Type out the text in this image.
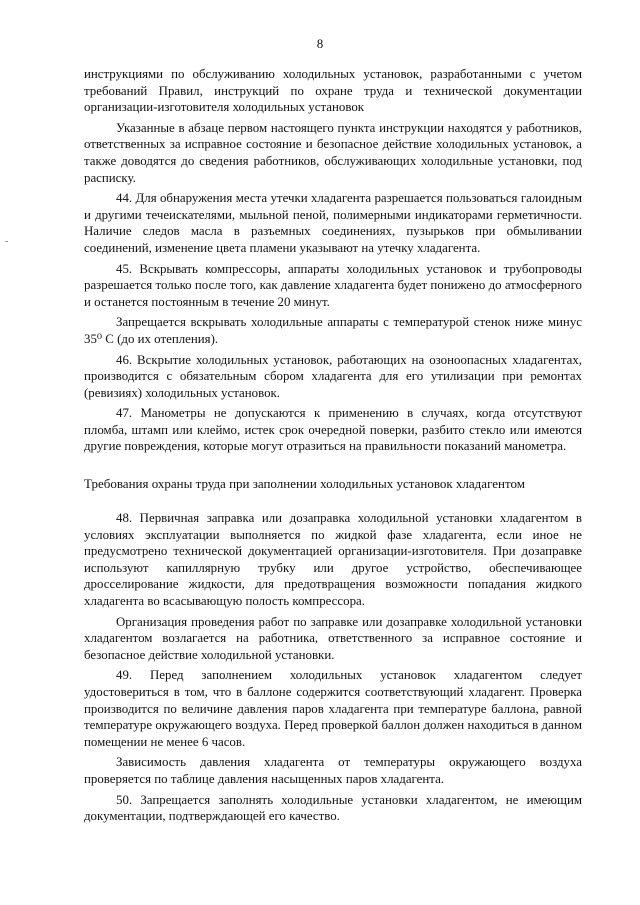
8
-

инструкциями по обслуживанию холодильных установок, разработанными с учетом требований Правил, инструкций по охране труда и технической документации организации-изготовителя холодильных установок

Указанные в абзаце первом настоящего пункта инструкции находятся у работников, ответственных за исправное состояние и безопасное действие холодильных установок, а также доводятся до сведения работников, обслуживающих холодильные установки, под расписку.

44. Для обнаружения места утечки хладагента разрешается пользоваться галоидным и другими течеискателями, мыльной пеной, полимерными индикаторами герметичности. Наличие следов масла в разъемных соединениях, пузырьков при обмыливании соединений, изменение цвета пламени указывают на утечку хладагента.

45. Вскрывать компрессоры, аппараты холодильных установок и трубопроводы разрешается только после того, как давление хладагента будет понижено до атмосферного и останется постоянным в течение 20 минут.

Запрещается вскрывать холодильные аппараты с температурой стенок ниже минус 35⁰ С (до их отепления).

46. Вскрытие холодильных установок, работающих на озоноопасных хладагентах, производится с обязательным сбором хладагента для его утилизации при ремонтах (ревизиях) холодильных установок.

47. Манометры не допускаются к применению в случаях, когда отсутствуют пломба, штамп или клеймо, истек срок очередной поверки, разбито стекло или имеются другие повреждения, которые могут отразиться на правильности показаний манометра.

Требования охраны труда при заполнении холодильных установок хладагентом

48. Первичная заправка или дозаправка холодильной установки хладагентом в условиях эксплуатации выполняется по жидкой фазе хладагента, если иное не предусмотрено технической документацией организации-изготовителя. При дозаправке используют капиллярную трубку или другое устройство, обеспечивающее дросселирование жидкости, для предотвращения возможности попадания жидкого хладагента во всасывающую полость компрессора.

Организация проведения работ по заправке или дозаправке холодильной установки хладагентом возлагается на работника, ответственного за исправное состояние и безопасное действие холодильной установки.

49. Перед заполнением холодильных установок хладагентом следует удостовериться в том, что в баллоне содержится соответствующий хладагент. Проверка производится по величине давления паров хладагента при температуре баллона, равной температуре окружающего воздуха. Перед проверкой баллон должен находиться в данном помещении не менее 6 часов.

Зависимость давления хладагента от температуры окружающего воздуха проверяется по таблице давления насыщенных паров хладагента.

50. Запрещается заполнять холодильные установки хладагентом, не имеющим документации, подтверждающей его качество.
